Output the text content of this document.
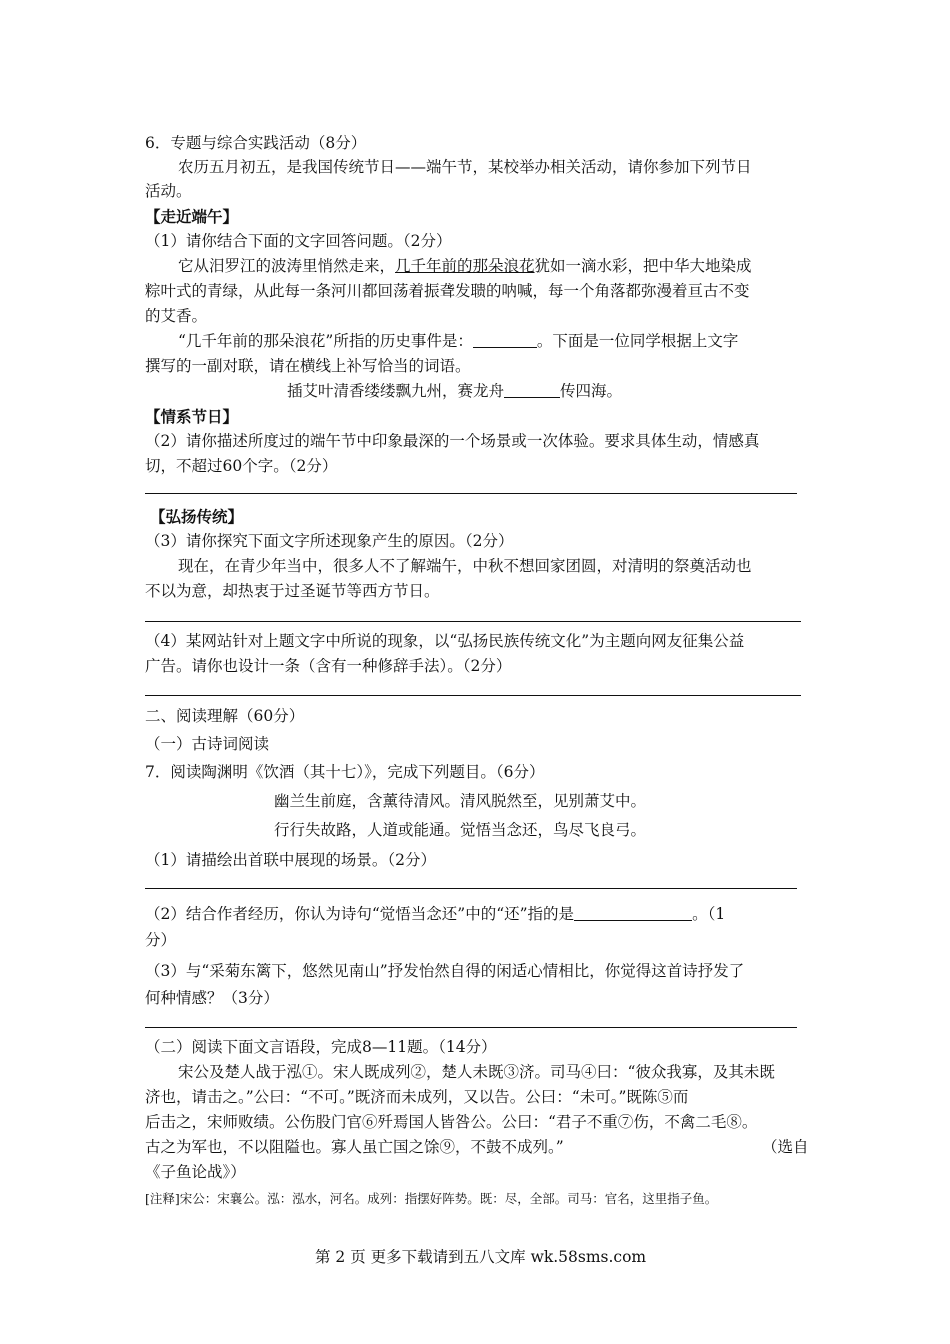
6．专题与综合实践活动（8分）
农历五月初五，是我国传统节日——端午节，某校举办相关活动，请你参加下列节日
活动。
【走近端午】
（1）请你结合下面的文字回答问题。（2分）
它从汨罗江的波涛里悄然走来，几千年前的那朵浪花犹如一滴水彩，把中华大地染成
粽叶式的青绿，从此每一条河川都回荡着振聋发聩的呐喊，每一个角落都弥漫着亘古不变
的艾香。
“几千年前的那朵浪花”所指的历史事件是：	。下面是一位同学根据上文字
撰写的一副对联，请在横线上补写恰当的词语。
插艾叶清香缕缕飘九州，赛龙舟	传四海。
【情系节日】
（2）请你描述所度过的端午节中印象最深的一个场景或一次体验。要求具体生动，情感真
切，不超过60个字。（2分）
【弘扬传统】
（3）请你探究下面文字所述现象产生的原因。（2分）
现在，在青少年当中，很多人不了解端午，中秋不想回家团圆，对清明的祭奠活动也
不以为意，却热衷于过圣诞节等西方节日。
（4）某网站针对上题文字中所说的现象，以“弘扬民族传统文化”为主题向网友征集公益
广告。请你也设计一条（含有一种修辞手法）。（2分）
二、阅读理解（60分）
（一）古诗词阅读
7．阅读陶渊明《饮酒（其十七）》，完成下列题目。（6分）
幽兰生前庭，含薰待清风。清风脱然至，见别萧艾中。
行行失故路，人道或能通。觉悟当念还，鸟尽飞良弓。
（1）请描绘出首联中展现的场景。（2分）
（2）结合作者经历，你认为诗句“觉悟当念还”中的“还”指的是	。（1
分）
（3）与“采菊东篱下，悠然见南山”抒发怡然自得的闲适心情相比，你觉得这首诗抒发了
何种情感？（3分）
（二）阅读下面文言语段，完成8—11题。（14分）
宋公及楚人战于泓①。宋人既成列②，楚人未既③济。司马④曰：“彼众我寡，及其未既
济也，请击之。”公曰：“不可。”既济而未成列，又以告。公曰：“未可。”既陈⑤而
后击之，宋师败绩。公伤股门官⑥歼焉国人皆咎公。公曰：“君子不重⑦伤，不禽二毛⑧。
古之为军也，不以阻隘也。寡人虽亡国之馀⑨，不鼓不成列。”	（选自
《子鱼论战》）
[注释]宋公：宋襄公。泓：泓水，河名。成列：指摆好阵势。既：尽，全部。司马：官名，这里指子鱼。
第 2 页 更多下载请到五八文库 wk.58sms.com
